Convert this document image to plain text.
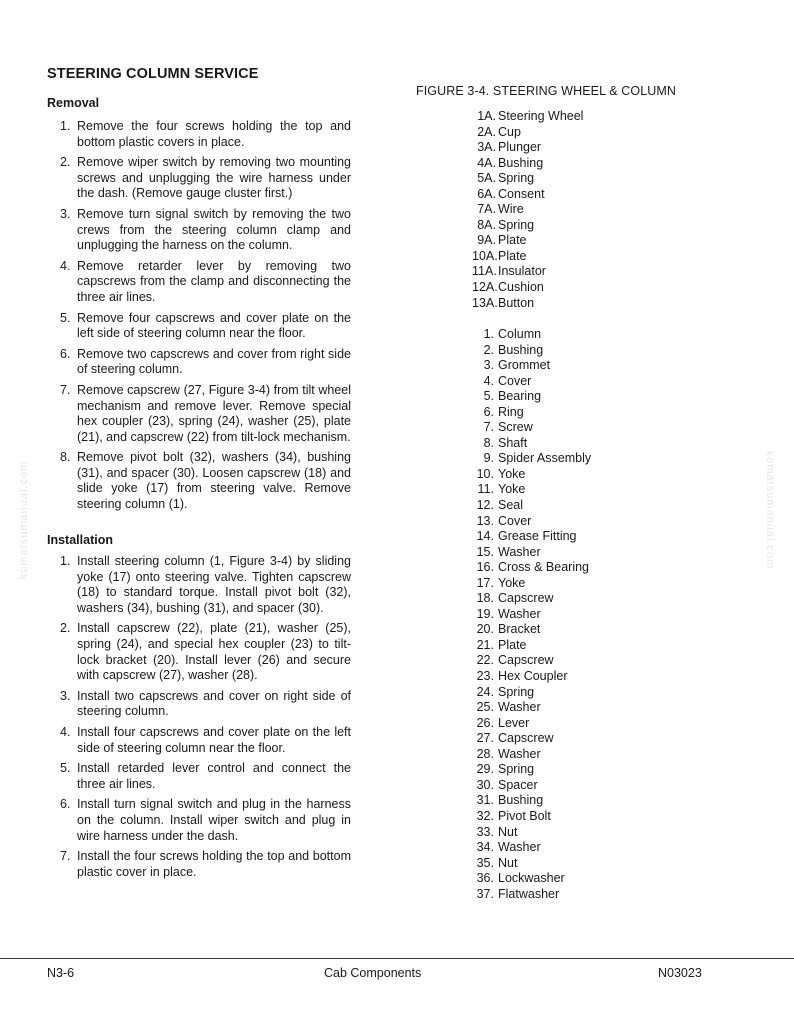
STEERING COLUMN SERVICE
Removal
1. Remove the four screws holding the top and bottom plastic covers in place.
2. Remove wiper switch by removing two mounting screws and unplugging the wire harness under the dash. (Remove gauge cluster first.)
3. Remove turn signal switch by removing the two crews from the steering column clamp and unplugging the harness on the column.
4. Remove retarder lever by removing two capscrews from the clamp and disconnecting the three air lines.
5. Remove four capscrews and cover plate on the left side of steering column near the floor.
6. Remove two capscrews and cover from right side of steering column.
7. Remove capscrew (27, Figure 3-4) from tilt wheel mechanism and remove lever. Remove special hex coupler (23), spring (24), washer (25), plate (21), and capscrew (22) from tilt-lock mechanism.
8. Remove pivot bolt (32), washers (34), bushing (31), and spacer (30). Loosen capscrew (18) and slide yoke (17) from steering valve. Remove steering column (1).
Installation
1. Install steering column (1, Figure 3-4) by sliding yoke (17) onto steering valve. Tighten capscrew (18) to standard torque. Install pivot bolt (32), washers (34), bushing (31), and spacer (30).
2. Install capscrew (22), plate (21), washer (25), spring (24), and special hex coupler (23) to tilt-lock bracket (20). Install lever (26) and secure with capscrew (27), washer (28).
3. Install two capscrews and cover on right side of steering column.
4. Install four capscrews and cover plate on the left side of steering column near the floor.
5. Install retarded lever control and connect the three air lines.
6. Install turn signal switch and plug in the harness on the column. Install wiper switch and plug in wire harness under the dash.
7. Install the four screws holding the top and bottom plastic cover in place.
FIGURE 3-4. STEERING WHEEL & COLUMN
1A. Steering Wheel
2A. Cup
3A. Plunger
4A. Bushing
5A. Spring
6A. Consent
7A. Wire
8A. Spring
9A. Plate
10A.Plate
11A.Insulator
12A.Cushion
13A.Button
1. Column
2. Bushing
3. Grommet
4. Cover
5. Bearing
6. Ring
7. Screw
8. Shaft
9. Spider Assembly
10. Yoke
11. Yoke
12. Seal
13. Cover
14. Grease Fitting
15. Washer
16. Cross & Bearing
17. Yoke
18. Capscrew
19. Washer
20. Bracket
21. Plate
22. Capscrew
23. Hex Coupler
24. Spring
25. Washer
26. Lever
27. Capscrew
28. Washer
29. Spring
30. Spacer
31. Bushing
32. Pivot Bolt
33. Nut
34. Washer
35. Nut
36. Lockwasher
37. Flatwasher
komatsumanual.com	komatsumanual.com
N3-6	Cab Components	N03023
